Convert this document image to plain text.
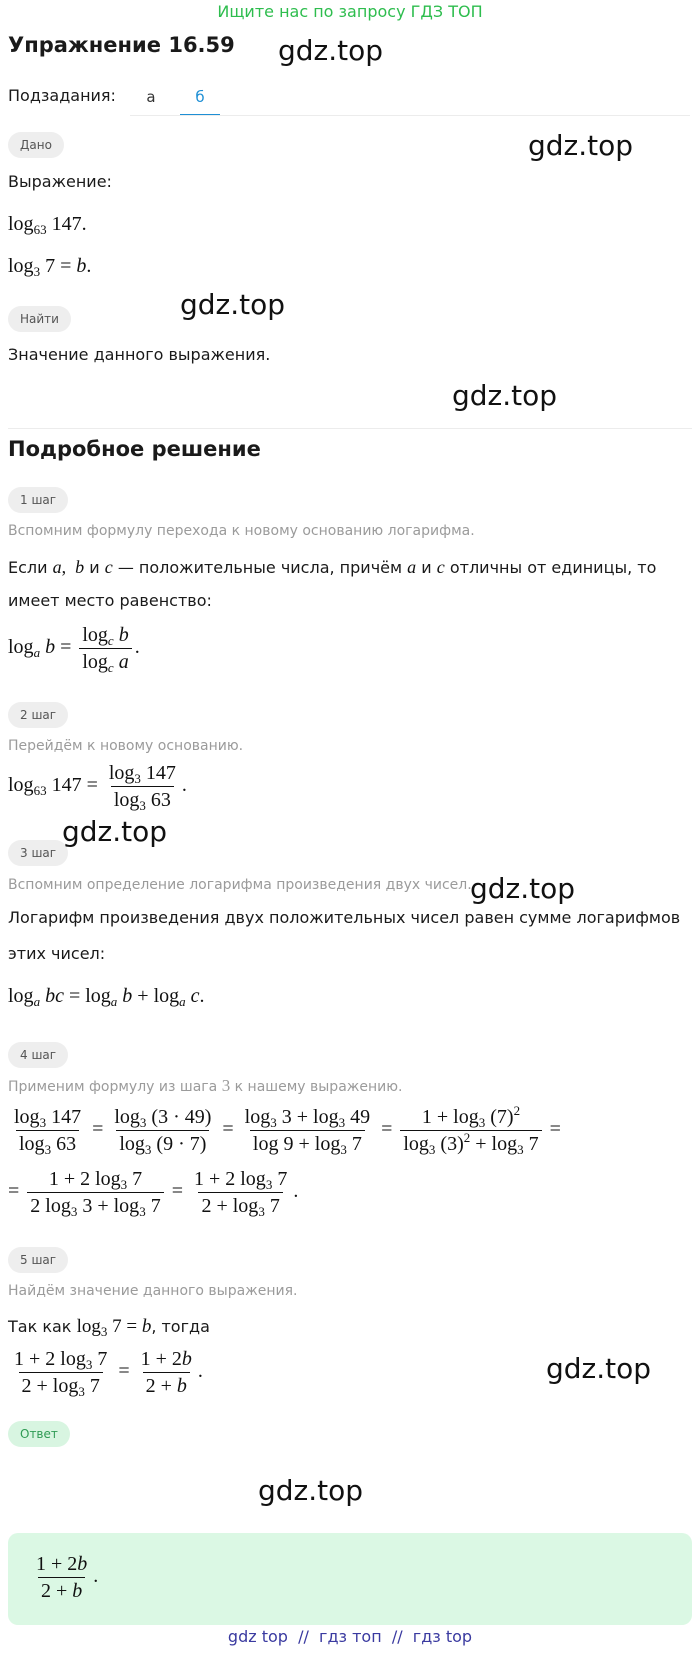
Ищите нас по запросу ГДЗ ТОП
Упражнение 16.59
Подзадания:	а	б
Дано
Выражение:
$\log_{63} 147$.
$\log_3 7 = b$.
Найти
Значение данного выражения.
Подробное решение
1 шаг
Вспомним формулу перехода к новому основанию логарифма.
Если a,  b и c — положительные числа, причём a и c отличны от единицы, то
имеет место равенство:
$\log_a b = \frac{\log_c b}{\log_c a}$ .
2 шаг
Перейдём к новому основанию.
$\log_{63} 147 = \frac{\log_3 147}{\log_3 63}$ .
3 шаг
Вспомним определение логарифма произведения двух чисел.
Логарифм произведения двух положительных чисел равен сумме логарифмов
этих чисел:
$\log_a$ bc = $\log_a b + \log_a c$.
4 шаг
Применим формулу из шага 3 к нашему выражению.
$\frac{\log_3 147}{\log_3 63} = \frac{\log_3 (3 \cdot 49)}{\log_3 (9 \cdot 7)} = \frac{\log_3 3 + \log_3 49}{\log 9 + \log_3 7} = \frac{1 + \log_3 (7)^2}{\log_3 (3)^2 + \log_3 7}$ =
= $\frac{1 + 2 \log_3 7}{2 \log_3 3 + \log_3 7} = \frac{1 + 2 \log_3 7}{2 + \log_3 7}$ .
5 шаг
Найдём значение данного выражения.
Так как $\log_3 7 = b$, тогда
$\frac{1 + 2 \log_3 7}{2 + \log_3 7} = \frac{1 + 2b}{2 + b}$ .
Ответ
$\frac{1 + 2b}{2 + b}$ .
gdz.top
gdz.top
gdz.top
gdz.top
gdz.top
gdz.top
gdz.top
gdz.top
gdz top  //  гдз топ  //  гдз top
